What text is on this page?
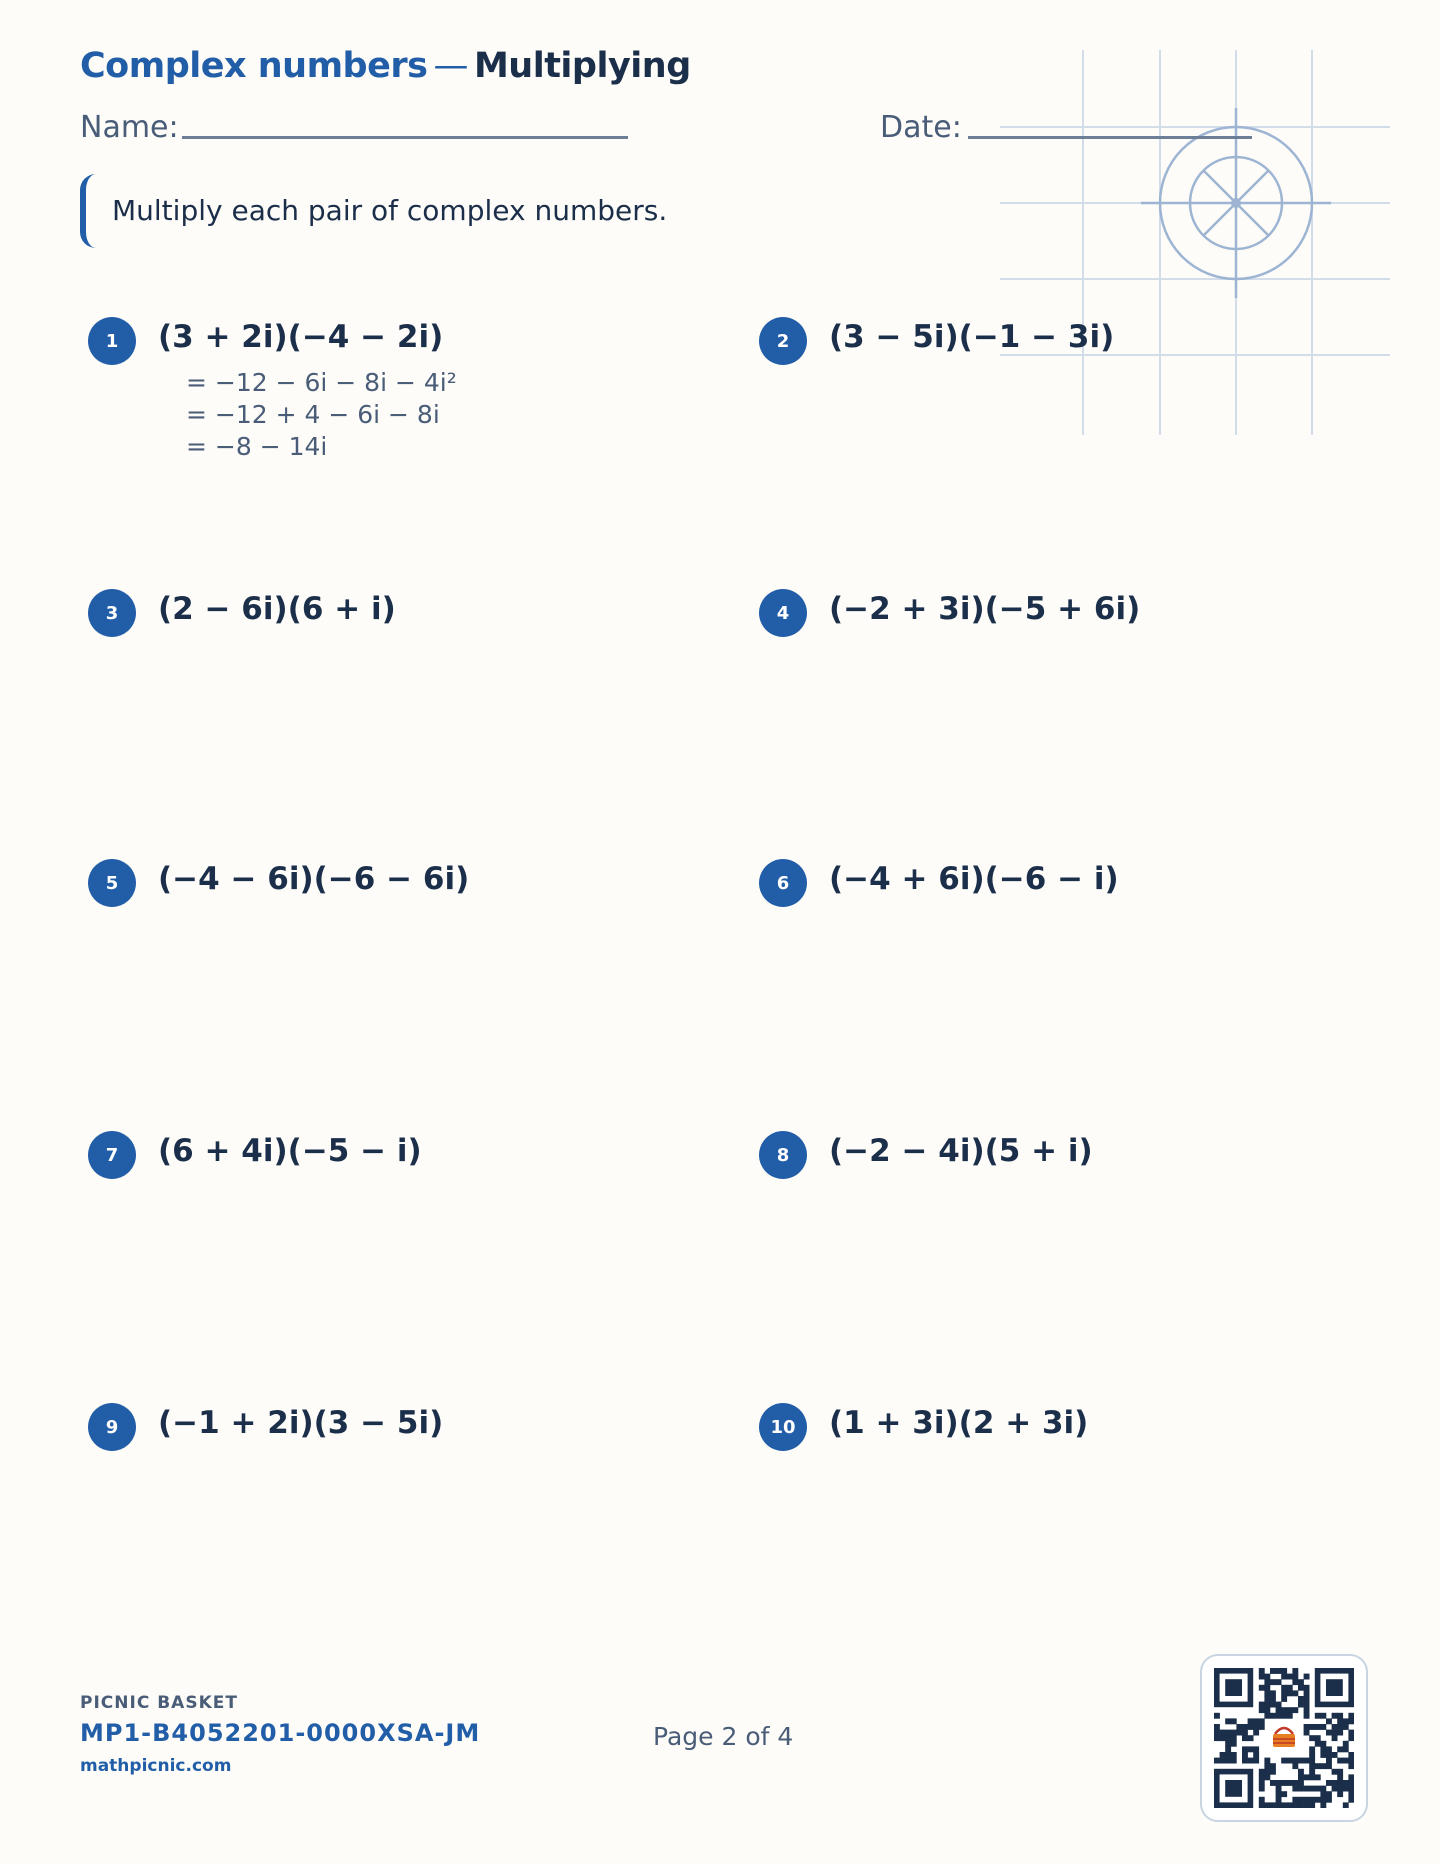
Complex numbers — Multiplying
Name:	Date:
Multiply each pair of complex numbers.
1	(3 + 2i)(−4 − 2i)
= −12 − 6i − 8i − 4i²
= −12 + 4 − 6i − 8i
= −8 − 14i
2	(3 − 5i)(−1 − 3i)
3	(2 − 6i)(6 + i)	4	(−2 + 3i)(−5 + 6i)
5	(−4 − 6i)(−6 − 6i)	6	(−4 + 6i)(−6 − i)
7	(6 + 4i)(−5 − i)	8	(−2 − 4i)(5 + i)
9	(−1 + 2i)(3 − 5i)	10	(1 + 3i)(2 + 3i)
PICNIC BASKET
MP1-B4052201-0000XSA-JM
mathpicnic.com
Page 2 of 4
